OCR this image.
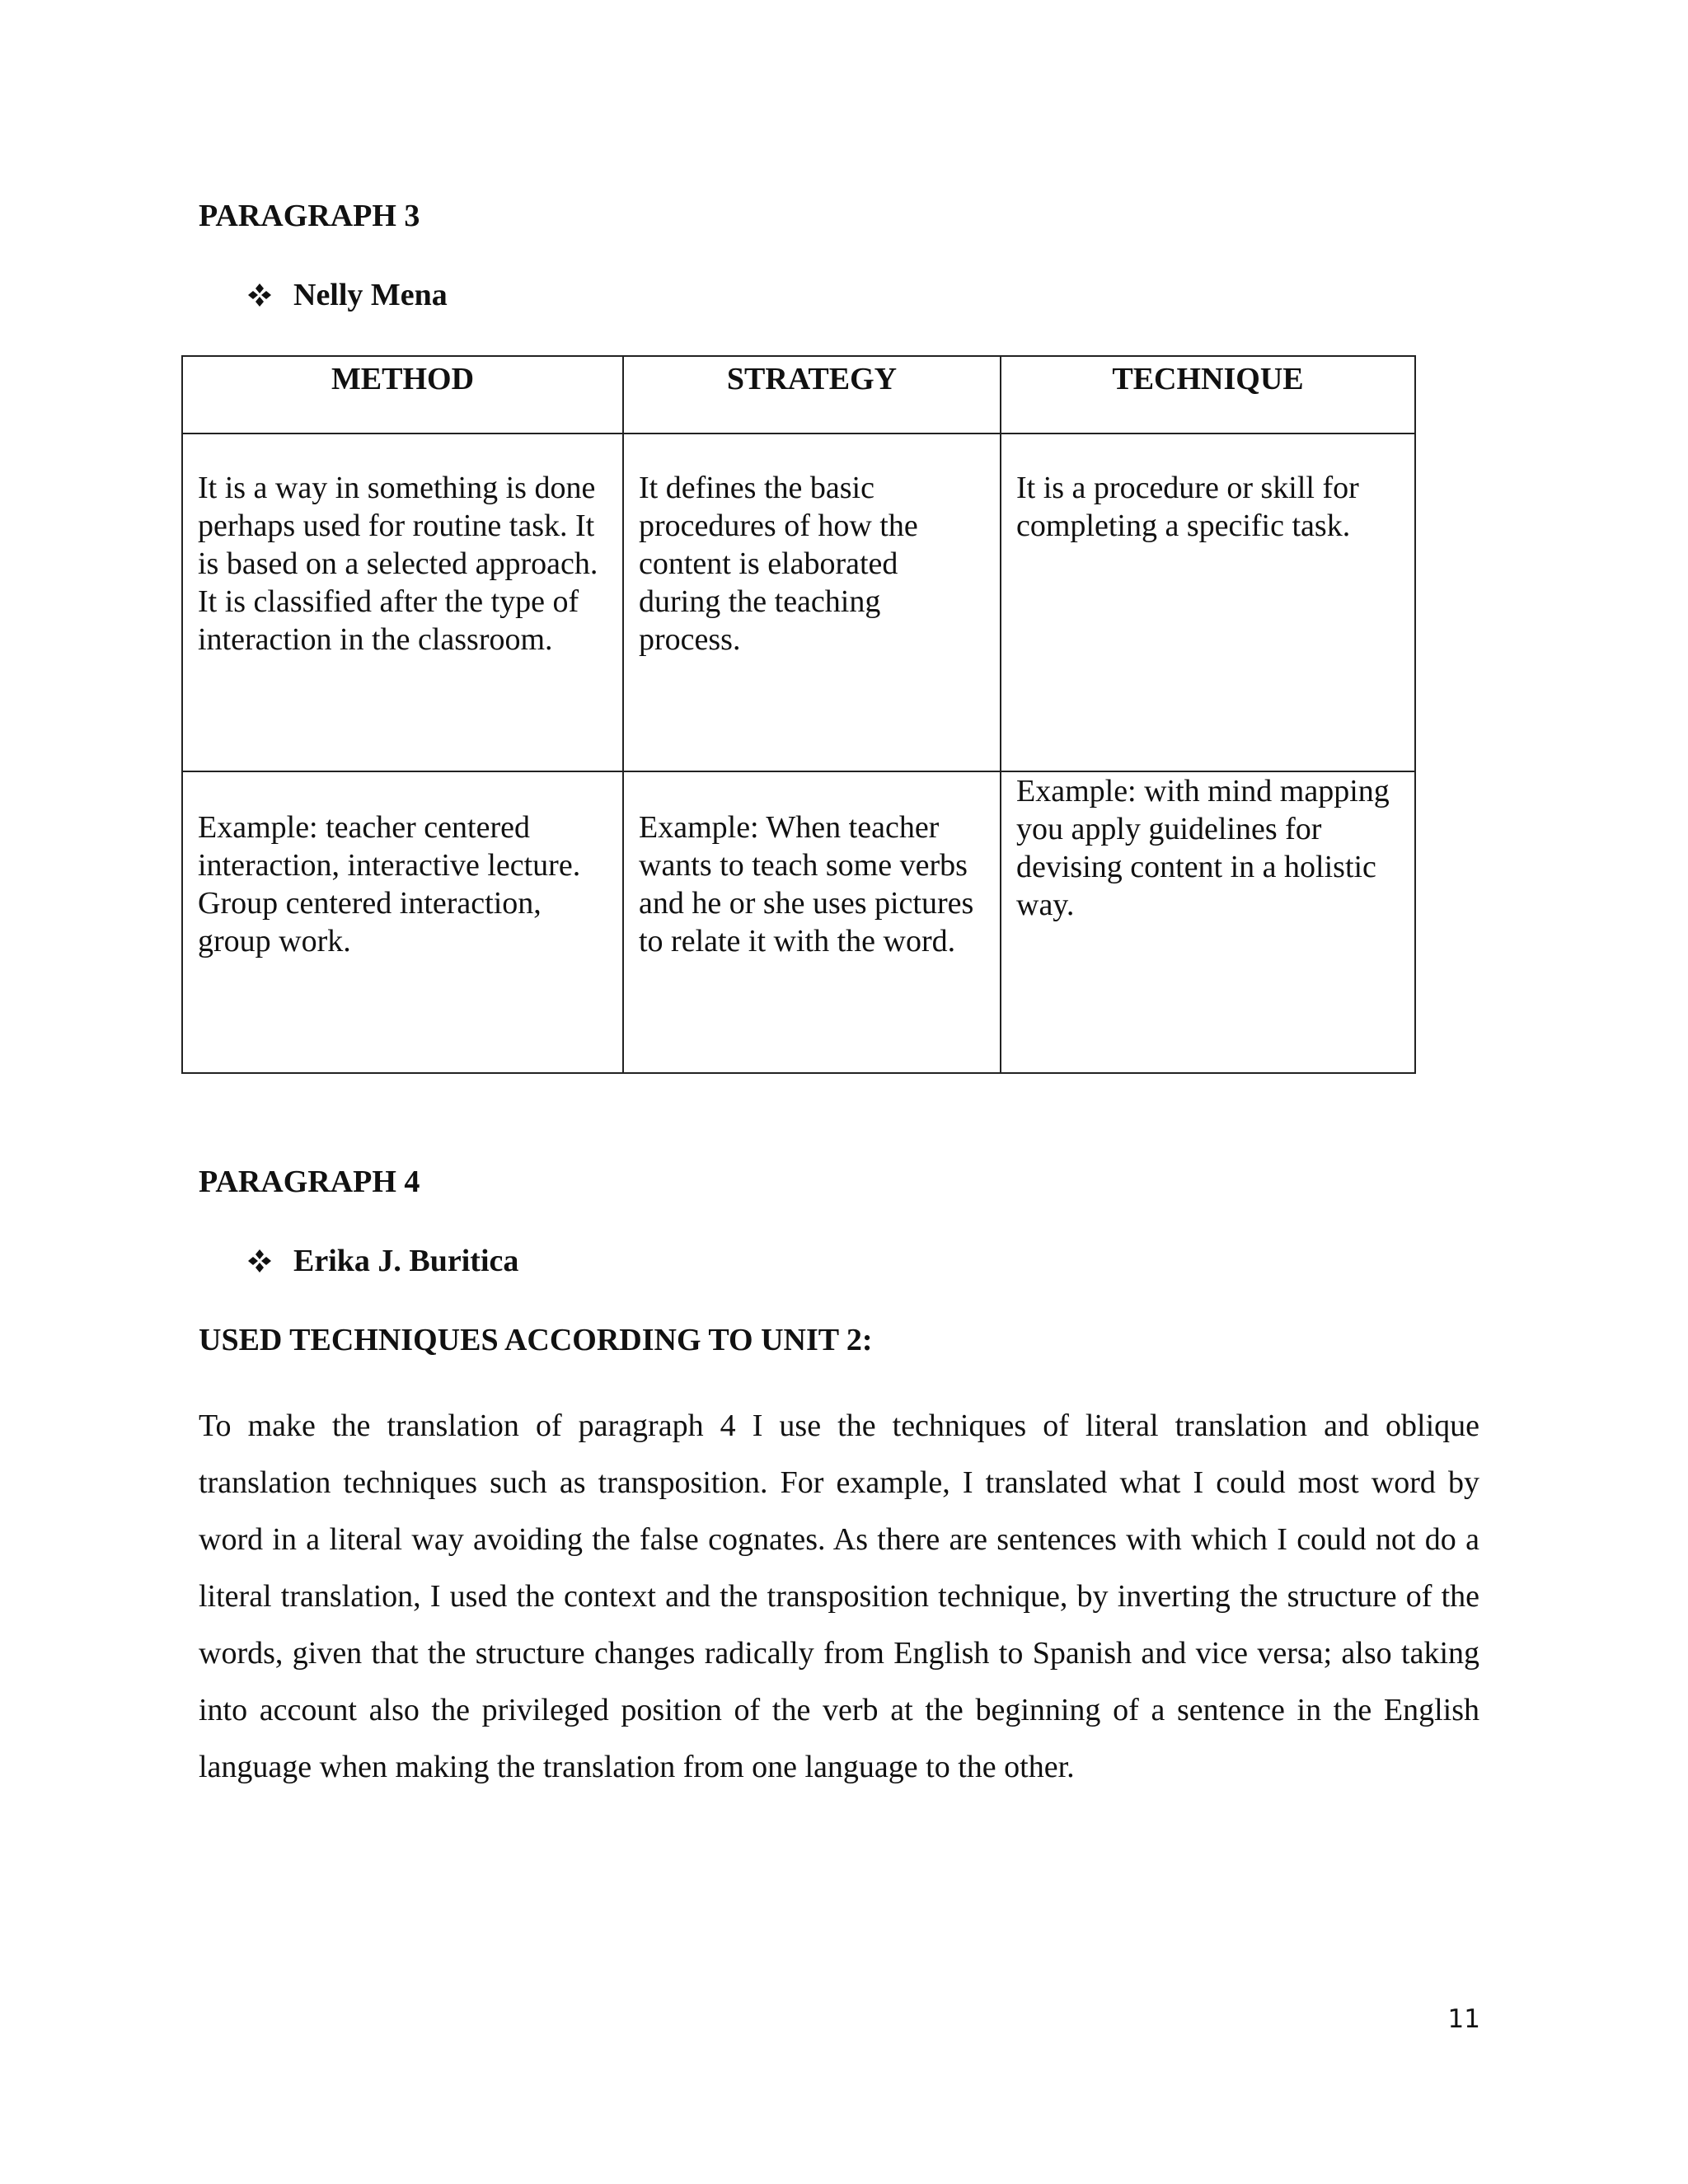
PARAGRAPH 3
Nelly Mena
METHOD	STRATEGY	TECHNIQUE
It is a way in something is done perhaps used for routine task. It is based on a selected approach. It is classified after the type of interaction in the classroom.	It defines the basic procedures of how the content is elaborated during the teaching process.	It is a procedure or skill for completing a specific task.
Example: teacher centered interaction, interactive lecture. Group centered interaction, group work.	Example: When teacher wants to teach some verbs and he or she uses pictures to relate it with the word.	Example: with mind mapping you apply guidelines for devising content in a holistic way.
PARAGRAPH 4
Erika J. Buritica
USED TECHNIQUES ACCORDING TO UNIT 2:
To make the translation of paragraph 4 I use the techniques of literal translation and oblique translation techniques such as transposition. For example, I translated what I could most word by word in a literal way avoiding the false cognates. As there are sentences with which I could not do a literal translation, I used the context and the transposition technique, by inverting the structure of the words, given that the structure changes radically from English to Spanish and vice versa; also taking into account also the privileged position of the verb at the beginning of a sentence in the English language when making the translation from one language to the other.
11
